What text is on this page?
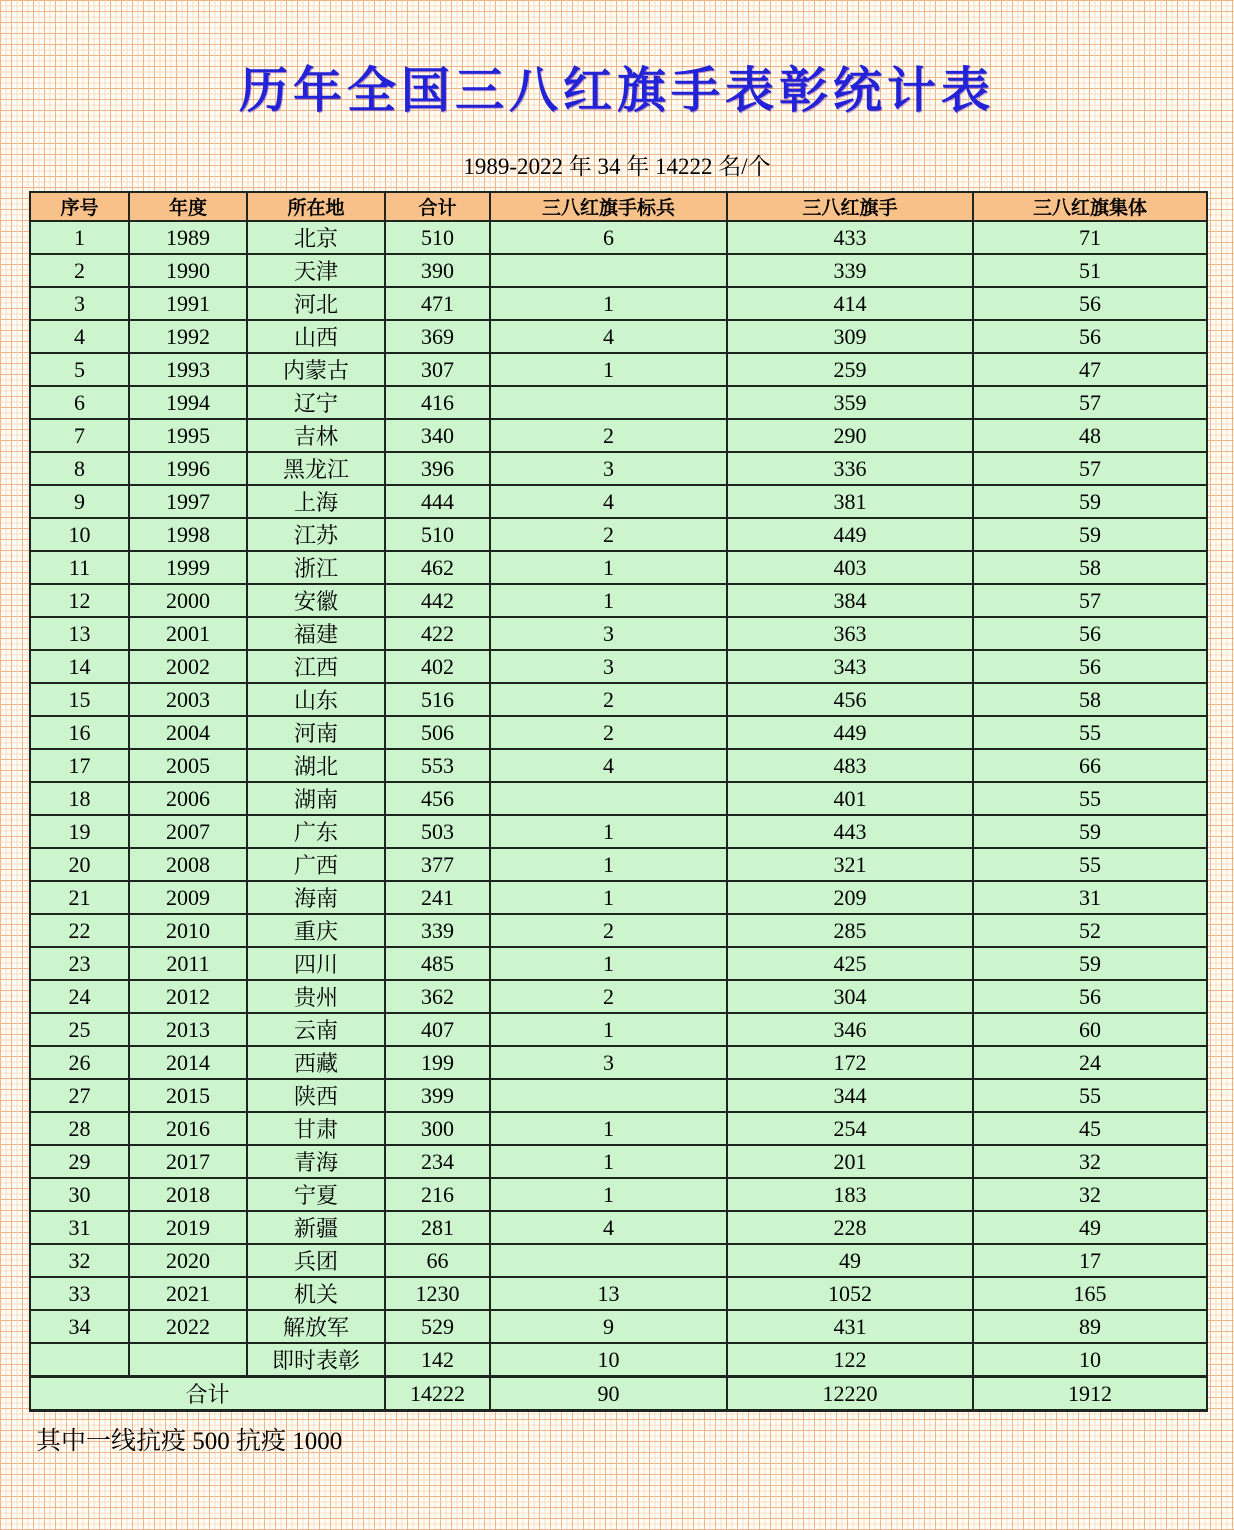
历年全国三八红旗手表彰统计表
1989-2022 年 34 年 14222 名/个
序号	年度	所在地	合计	三八红旗手标兵	三八红旗手	三八红旗集体
1	1989	北京	510	6	433	71
2	1990	天津	390		339	51
3	1991	河北	471	1	414	56
4	1992	山西	369	4	309	56
5	1993	内蒙古	307	1	259	47
6	1994	辽宁	416		359	57
7	1995	吉林	340	2	290	48
8	1996	黑龙江	396	3	336	57
9	1997	上海	444	4	381	59
10	1998	江苏	510	2	449	59
11	1999	浙江	462	1	403	58
12	2000	安徽	442	1	384	57
13	2001	福建	422	3	363	56
14	2002	江西	402	3	343	56
15	2003	山东	516	2	456	58
16	2004	河南	506	2	449	55
17	2005	湖北	553	4	483	66
18	2006	湖南	456		401	55
19	2007	广东	503	1	443	59
20	2008	广西	377	1	321	55
21	2009	海南	241	1	209	31
22	2010	重庆	339	2	285	52
23	2011	四川	485	1	425	59
24	2012	贵州	362	2	304	56
25	2013	云南	407	1	346	60
26	2014	西藏	199	3	172	24
27	2015	陕西	399		344	55
28	2016	甘肃	300	1	254	45
29	2017	青海	234	1	201	32
30	2018	宁夏	216	1	183	32
31	2019	新疆	281	4	228	49
32	2020	兵团	66		49	17
33	2021	机关	1230	13	1052	165
34	2022	解放军	529	9	431	89
		即时表彰	142	10	122	10
合计			14222	90	12220	1912
其中一线抗疫 500 抗疫 1000
